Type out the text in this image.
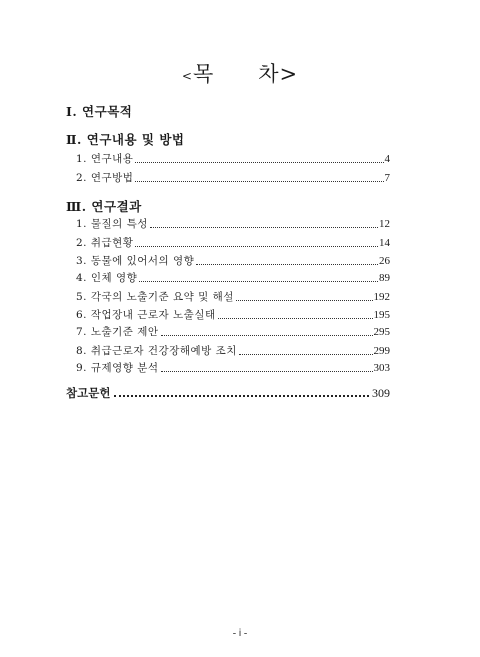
<목 차>
Ⅰ. 연구목적
Ⅱ. 연구내용 및 방법
1. 연구내용	4
2. 연구방법	7
Ⅲ. 연구결과
1. 물질의 특성	12
2. 취급현황	14
3. 동물에 있어서의 영향	26
4. 인체 영향	89
5. 각국의 노출기준 요약 및 해설	192
6. 작업장내 근로자 노출실태	195
7. 노출기준 제안	295
8. 취급근로자 건강장해예방 조치	299
9. 규제영향 분석	303
참고문헌	309
- ⅰ -
